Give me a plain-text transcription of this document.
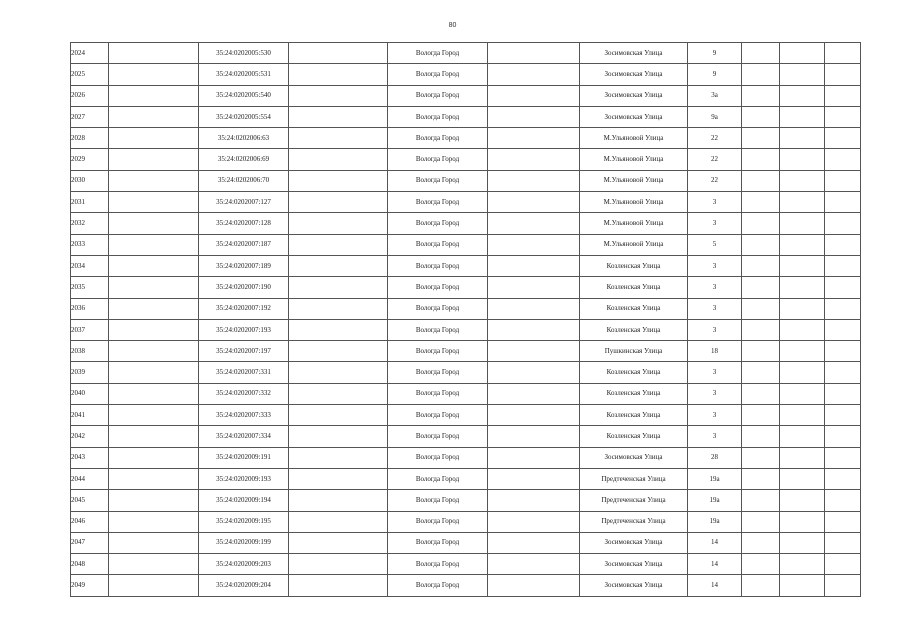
80
2024		35:24:0202005:530		Вологда Город		Зосимовская Улица	9			
2025		35:24:0202005:531		Вологда Город		Зосимовская Улица	9			
2026		35:24:0202005:540		Вологда Город		Зосимовская Улица	3а			
2027		35:24:0202005:554		Вологда Город		Зосимовская Улица	9а			
2028		35:24:0202006:63		Вологда Город		М.Ульяновой Улица	22			
2029		35:24:0202006:69		Вологда Город		М.Ульяновой Улица	22			
2030		35:24:0202006:70		Вологда Город		М.Ульяновой Улица	22			
2031		35:24:0202007:127		Вологда Город		М.Ульяновой Улица	3			
2032		35:24:0202007:128		Вологда Город		М.Ульяновой Улица	3			
2033		35:24:0202007:187		Вологда Город		М.Ульяновой Улица	5			
2034		35:24:0202007:189		Вологда Город		Козленская Улица	3			
2035		35:24:0202007:190		Вологда Город		Козленская Улица	3			
2036		35:24:0202007:192		Вологда Город		Козленская Улица	3			
2037		35:24:0202007:193		Вологда Город		Козленская Улица	3			
2038		35:24:0202007:197		Вологда Город		Пушкинская Улица	18			
2039		35:24:0202007:331		Вологда Город		Козленская Улица	3			
2040		35:24:0202007:332		Вологда Город		Козленская Улица	3			
2041		35:24:0202007:333		Вологда Город		Козленская Улица	3			
2042		35:24:0202007:334		Вологда Город		Козленская Улица	3			
2043		35:24:0202009:191		Вологда Город		Зосимовская Улица	28			
2044		35:24:0202009:193		Вологда Город		Предтеченская Улица	19а			
2045		35:24:0202009:194		Вологда Город		Предтеченская Улица	19а			
2046		35:24:0202009:195		Вологда Город		Предтеченская Улица	19а			
2047		35:24:0202009:199		Вологда Город		Зосимовская Улица	14			
2048		35:24:0202009:203		Вологда Город		Зосимовская Улица	14			
2049		35:24:0202009:204		Вологда Город		Зосимовская Улица	14			
